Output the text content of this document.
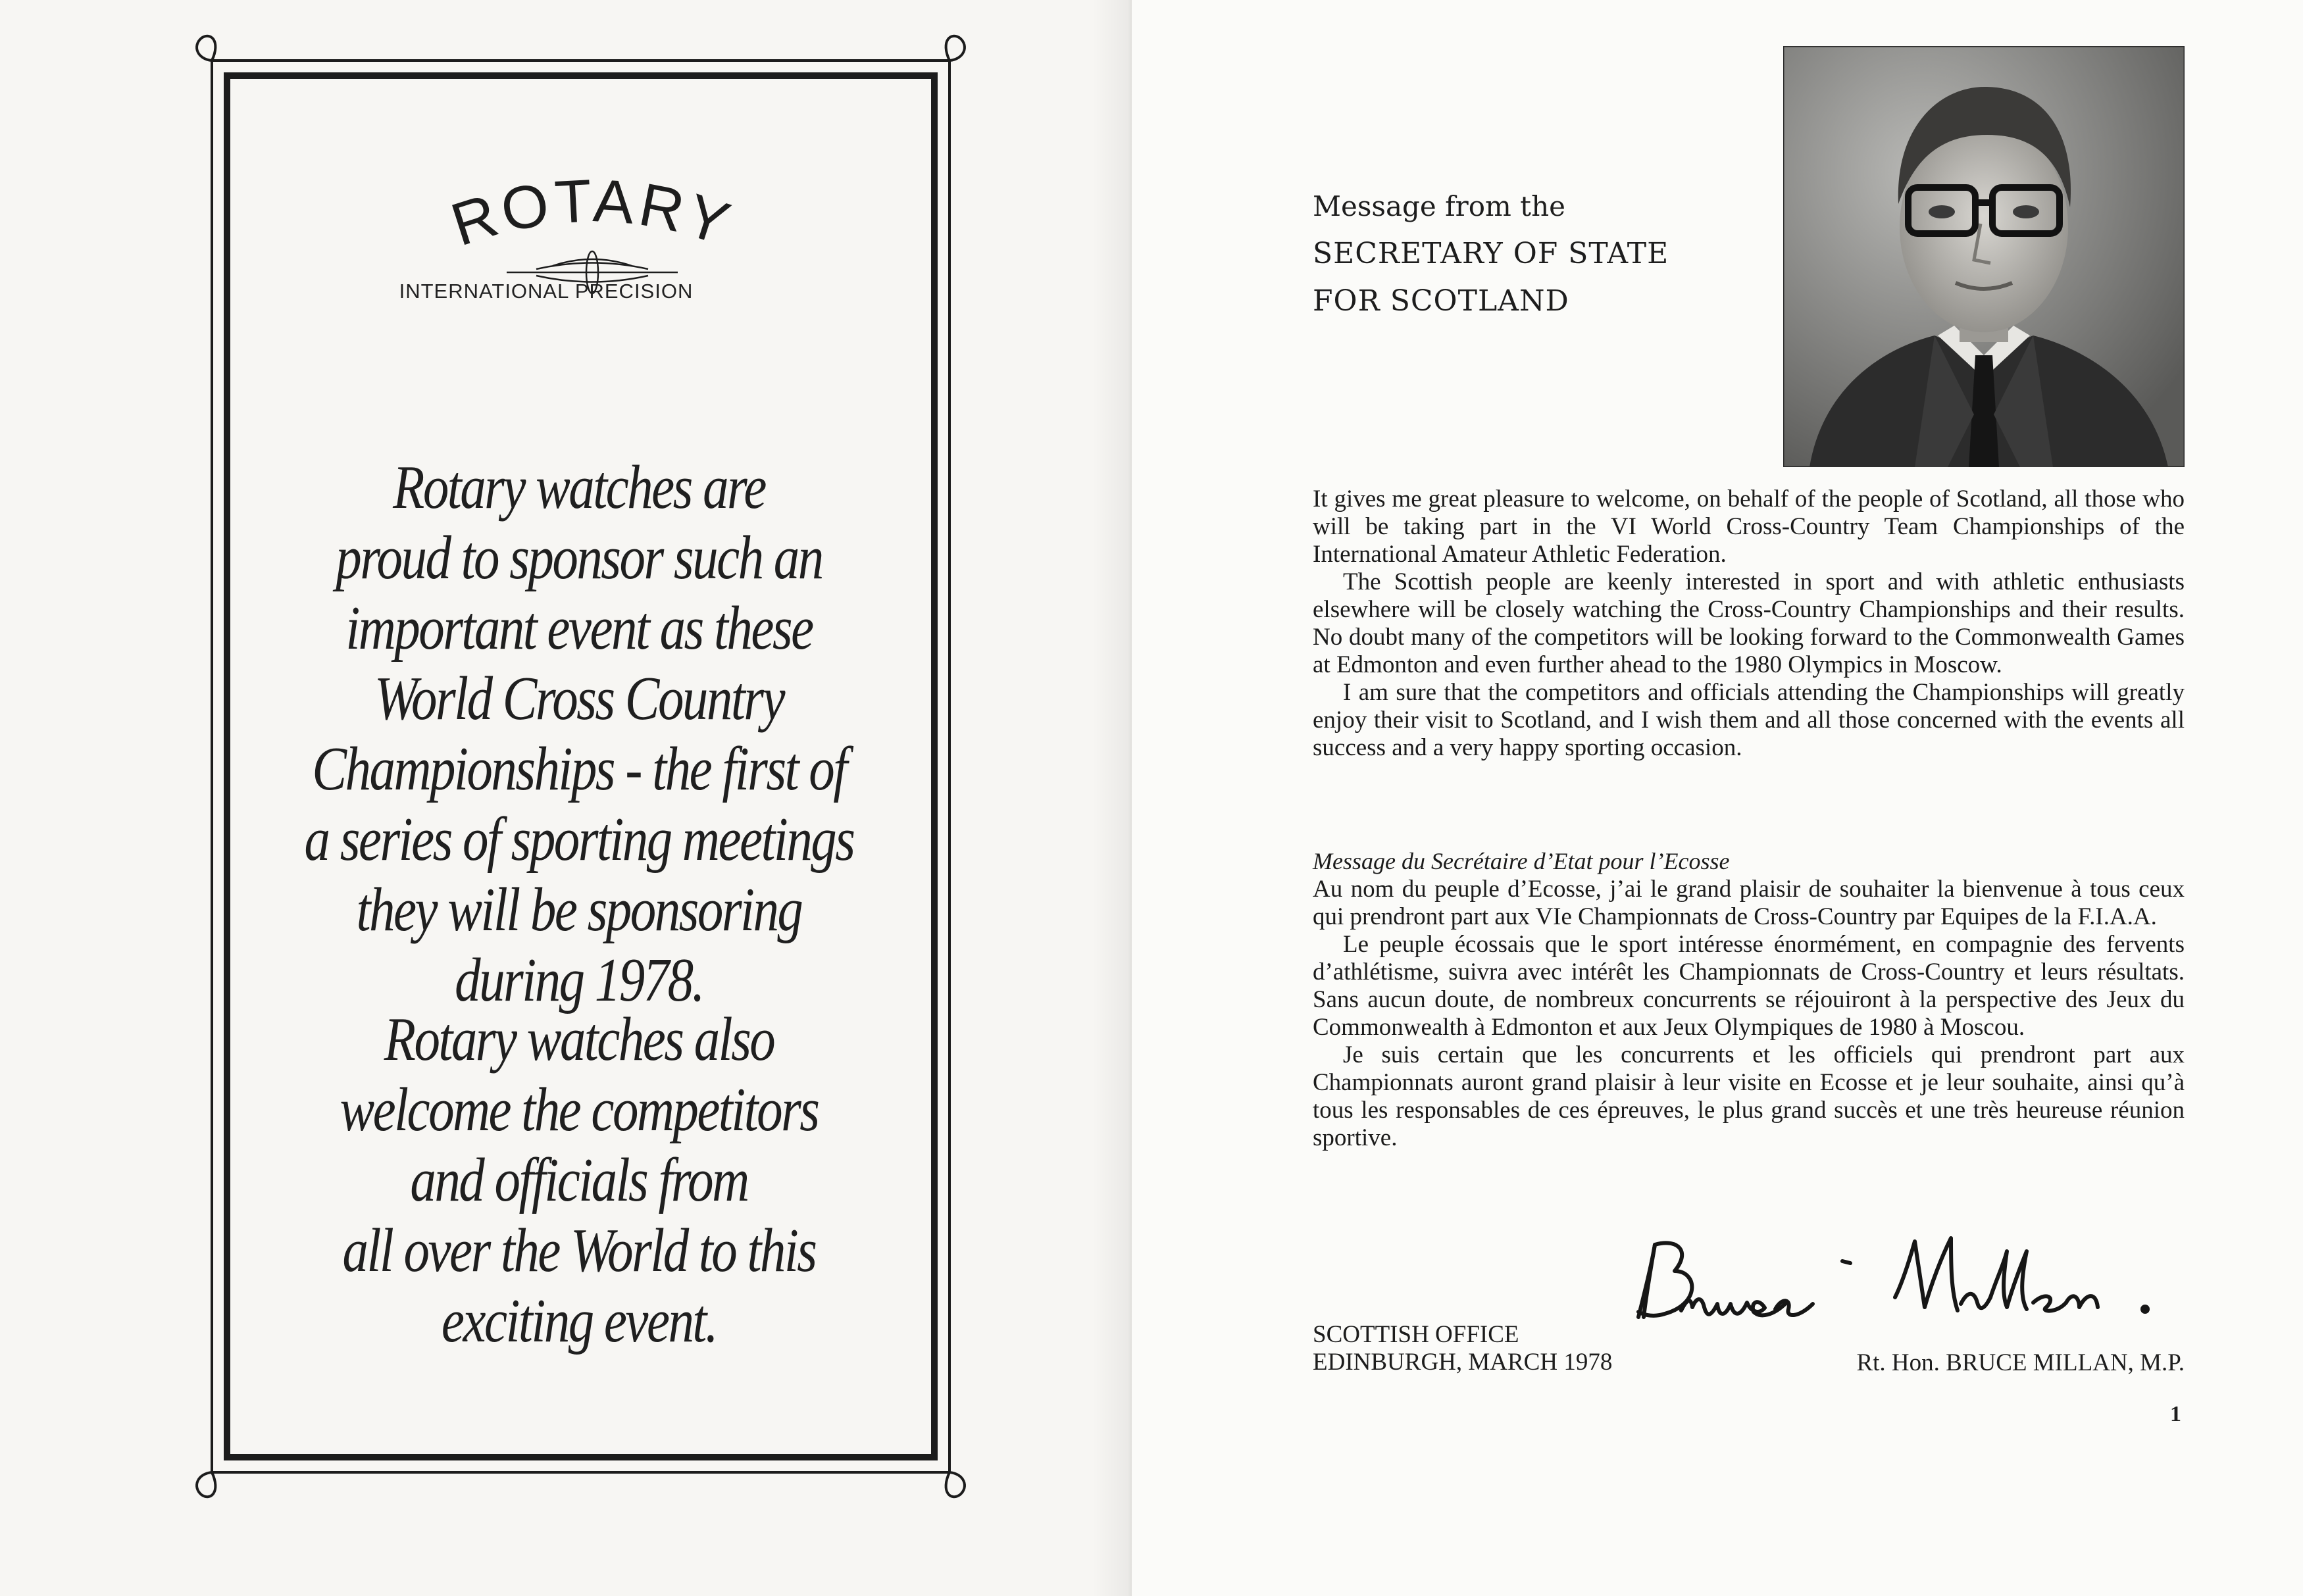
ROTARY
INTERNATIONAL PRECISION
Rotary watches are
proud to sponsor such an
important event as these
World Cross Country
Championships - the first of
a series of sporting meetings
they will be sponsoring
during 1978.
Rotary watches also
welcome the competitors
and officials from
all over the World to this
exciting event.
Message from the
SECRETARY OF STATE
FOR SCOTLAND

It gives me great pleasure to welcome, on behalf of the people of Scotland, all those who will be taking part in the VI World Cross-Country Team Championships of the International Amateur Athletic Federation.

The Scottish people are keenly interested in sport and with athletic enthusiasts elsewhere will be closely watching the Cross-Country Championships and their results. No doubt many of the competitors will be looking forward to the Commonwealth Games at Edmonton and even further ahead to the 1980 Olympics in Moscow.

I am sure that the competitors and officials attending the Championships will greatly enjoy their visit to Scotland, and I wish them and all those concerned with the events all success and a very happy sporting occasion.

Message du Secrétaire d’Etat pour l’Ecosse

Au nom du peuple d’Ecosse, j’ai le grand plaisir de souhaiter la bienvenue à tous ceux qui prendront part aux VIe Championnats de Cross-Country par Equipes de la F.I.A.A.

Le peuple écossais que le sport intéresse énormément, en compagnie des fervents d’athlétisme, suivra avec intérêt les Championnats de Cross-Country et leurs résultats. Sans aucun doute, de nombreux concurrents se réjouiront à la perspective des Jeux du Commonwealth à Edmonton et aux Jeux Olympiques de 1980 à Moscou.

Je suis certain que les concurrents et les officiels qui prendront part aux Championnats auront grand plaisir à leur visite en Ecosse et je leur souhaite, ainsi qu’à tous les responsables de ces épreuves, le plus grand succès et une très heureuse réunion sportive.

SCOTTISH OFFICE
EDINBURGH, MARCH 1978	Rt. Hon. BRUCE MILLAN, M.P.
1
